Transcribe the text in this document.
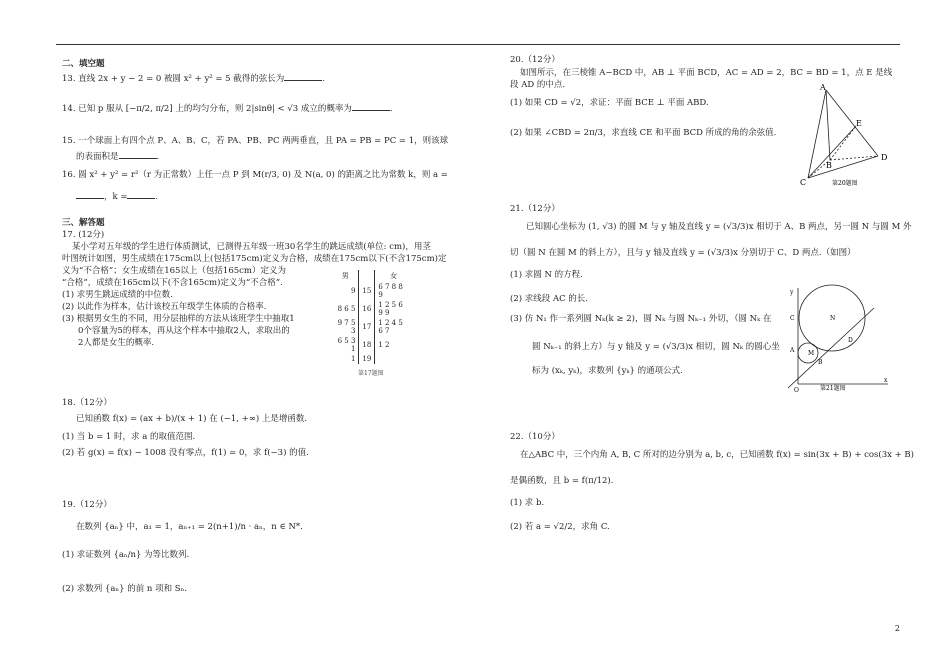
二、填空题
13. 直线 2x + y − 2 = 0 被圆 x² + y² = 5 截得的弦长为	.
14. 已知 p 服从 [−π/2, π/2] 上的均匀分布，则 2|sinθ| < √3 成立的概率为	.
15. 一个球面上有四个点 P、A、B、C，若 PA、PB、PC 两两垂直，且 PA = PB = PC = 1，则该球
的表面积是	.
16. 圆 x² + y² = r²（r 为正常数）上任一点 P 到 M(r/3, 0) 及 N(a, 0) 的距离之比为常数 k，则 a =
，k =	.
三、解答题
17. (12分)
某小学对五年级的学生进行体质测试，已测得五年级一班30名学生的跳远成绩(单位: cm)，用茎
叶图统计如图，男生成绩在175cm以上(包括175cm)定义为合格，成绩在175cm以下(不含175cm)定
义为“不合格”；女生成绩在165以上（包括165cm）定义为
“合格”，成绩在165cm以下(不含165cm)定义为“不合格”.
(1) 求男生跳远成绩的中位数.
(2) 以此作为样本，估计该校五年级学生体质的合格率.
(3) 根据男女生的不同，用分层抽样的方法从该班学生中抽取1
0个容量为5的样本，再从这个样本中抽取2人，求取出的
2人都是女生的概率.
18.（12分）
已知函数 f(x) = (ax + b)/(x + 1) 在 (−1, +∞) 上是增函数.
(1) 当 b = 1 时，求 a 的取值范围.
(2) 若 g(x) = f(x) − 1008 没有零点，f(1) = 0，求 f(−3) 的值.
19.（12分）
在数列 {aₙ} 中，a₁ = 1，aₙ₊₁ = 2(n+1)/n · aₙ，n ∈ N*.
(1) 求证数列 {aₙ/n} 为等比数列.
(2) 求数列 {aₙ} 的前 n 项和 Sₙ.
男		女
9	15	6 7 8 8 9
8 6 5	16	1 2 5 6 9 9
9 7 5 3	17	1 2 4 5 6 7
6 5 3 1	18	1 2
1	19	
第17题图
20.（12分）
如图所示，在三棱锥 A−BCD 中，AB ⊥ 平面 BCD，AC = AD = 2，BC = BD = 1，点 E 是线
段 AD 的中点.
(1) 如果 CD = √2，求证：平面 BCE ⊥ 平面 ABD.
(2) 如果 ∠CBD = 2π/3，求直线 CE 和平面 BCD 所成的角的余弦值.
21.（12分）
已知圆心坐标为 (1, √3) 的圆 M 与 y 轴及直线 y = (√3/3)x 相切于 A、B 两点，另一圆 N 与圆 M 外
切（圆 N 在圆 M 的斜上方），且与 y 轴及直线 y = (√3/3)x 分别切于 C、D 两点.（如图）
(1) 求圆 N 的方程.
(2) 求线段 AC 的长.
(3) 仿 N₁ 作一系列圆 Nₖ(k ≥ 2)，圆 Nₖ 与圆 Nₖ₋₁ 外切，（圆 Nₖ 在
圆 Nₖ₋₁ 的斜上方）与 y 轴及 y = (√3/3)x 相切，圆 Nₖ 的圆心坐
标为 (xₖ, yₖ)，求数列 {yₖ} 的通项公式.
22.（10分）
在△ABC 中，三个内角 A, B, C 所对的边分别为 a, b, c，已知函数 f(x) = sin(3x + B) + cos(3x + B)
是偶函数，且 b = f(π/12).
(1) 求 b.
(2) 若 a = √2/2，求角 C.
A
B
C
D
E
第20题图
y
x
O
C
D
A
B
N
M
第21题图
2
